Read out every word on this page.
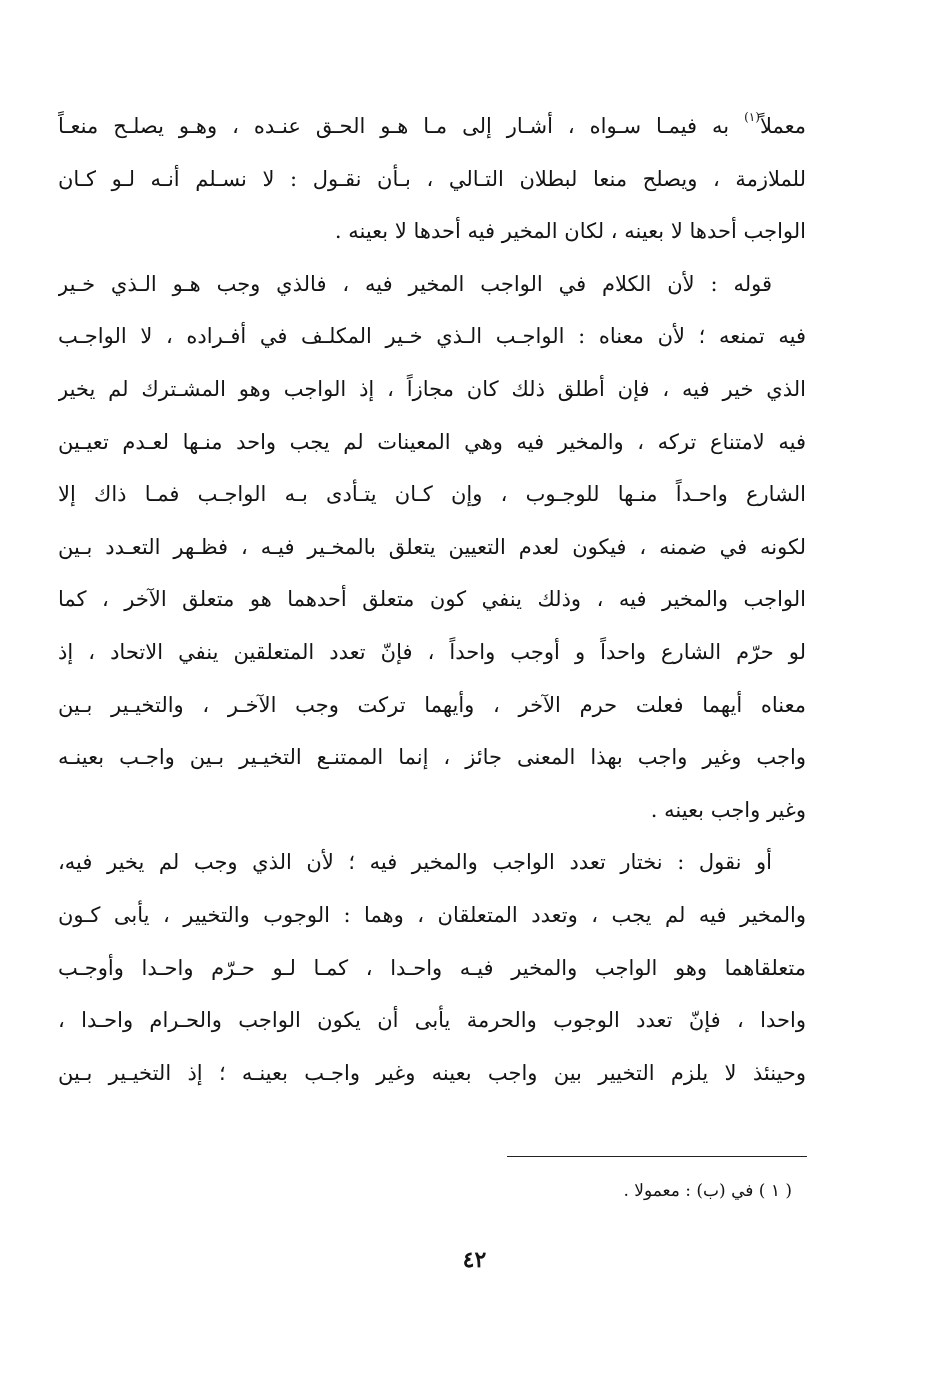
معملاً$^{(١)}$ به فيمـا سـواه ، أشـار إلى مـا هـو الحـق عنـده ، وهـو يصلـح منعـاً
للملازمة ، ويصلح منعا لبطلان التـالي ، بـأن نقـول : لا نسـلم أنـه لـو كـان
الواجب أحدها لا بعينه ، لكان المخير فيه أحدها لا بعينه .
قوله : لأن الكلام في الواجب المخير فيه ، فالذي وجب هـو الـذي خـير
فيه تمنعه ؛ لأن معناه : الواجـب الـذي خـير المكلـف في أفـراده ، لا الواجـب
الذي خير فيه ، فإن أطلق ذلك كان مجازاً ، إذ الواجب وهو المشـترك لم يخير
فيه لامتناع تركه ، والمخير فيه وهي المعينات لم يجب واحد منـها لعـدم تعيـين
الشارع واحـداً منـها للوجـوب ، وإن كـان يتـأدى بـه الواجـب فمـا ذاك إلا
لكونه في ضمنه ، فيكون لعدم التعيين يتعلق بالمخـير فيـه ، فظـهر التعـدد بـين
الواجب والمخير فيه ، وذلك ينفي كون متعلق أحدهما هو متعلق الآخر ، كما
لو حرّم الشارع واحداً و أوجب واحداً ، فإنّ تعدد المتعلقين ينفي الاتحاد ، إذ
معناه أيهما فعلت حرم الآخر ، وأيهما تركت وجب الآخـر ، والتخيـير بـين
واجب وغير واجب بهذا المعنى جائز ، إنما الممتنـع التخيـير بـين واجـب بعينـه
وغير واجب بعينه .
أو نقول : نختار تعدد الواجب والمخير فيه ؛ لأن الذي وجب لم يخير فيه،
والمخير فيه لم يجب ، وتعدد المتعلقان ، وهما : الوجوب والتخيير ، يأبى كـون
متعلقاهما وهو الواجب والمخير فيـه واحـدا ، كمـا لـو حـرّم واحـدا وأوجـب
واحدا ، فإنّ تعدد الوجوب والحرمة يأبى أن يكون الواجب والحـرام واحـدا ،
وحينئذ لا يلزم التخيير بين واجب بعينه وغير واجـب بعينـه ؛ إذ التخيـير بـين
( ١ ) في (ب) : معمولا .
٤٢
